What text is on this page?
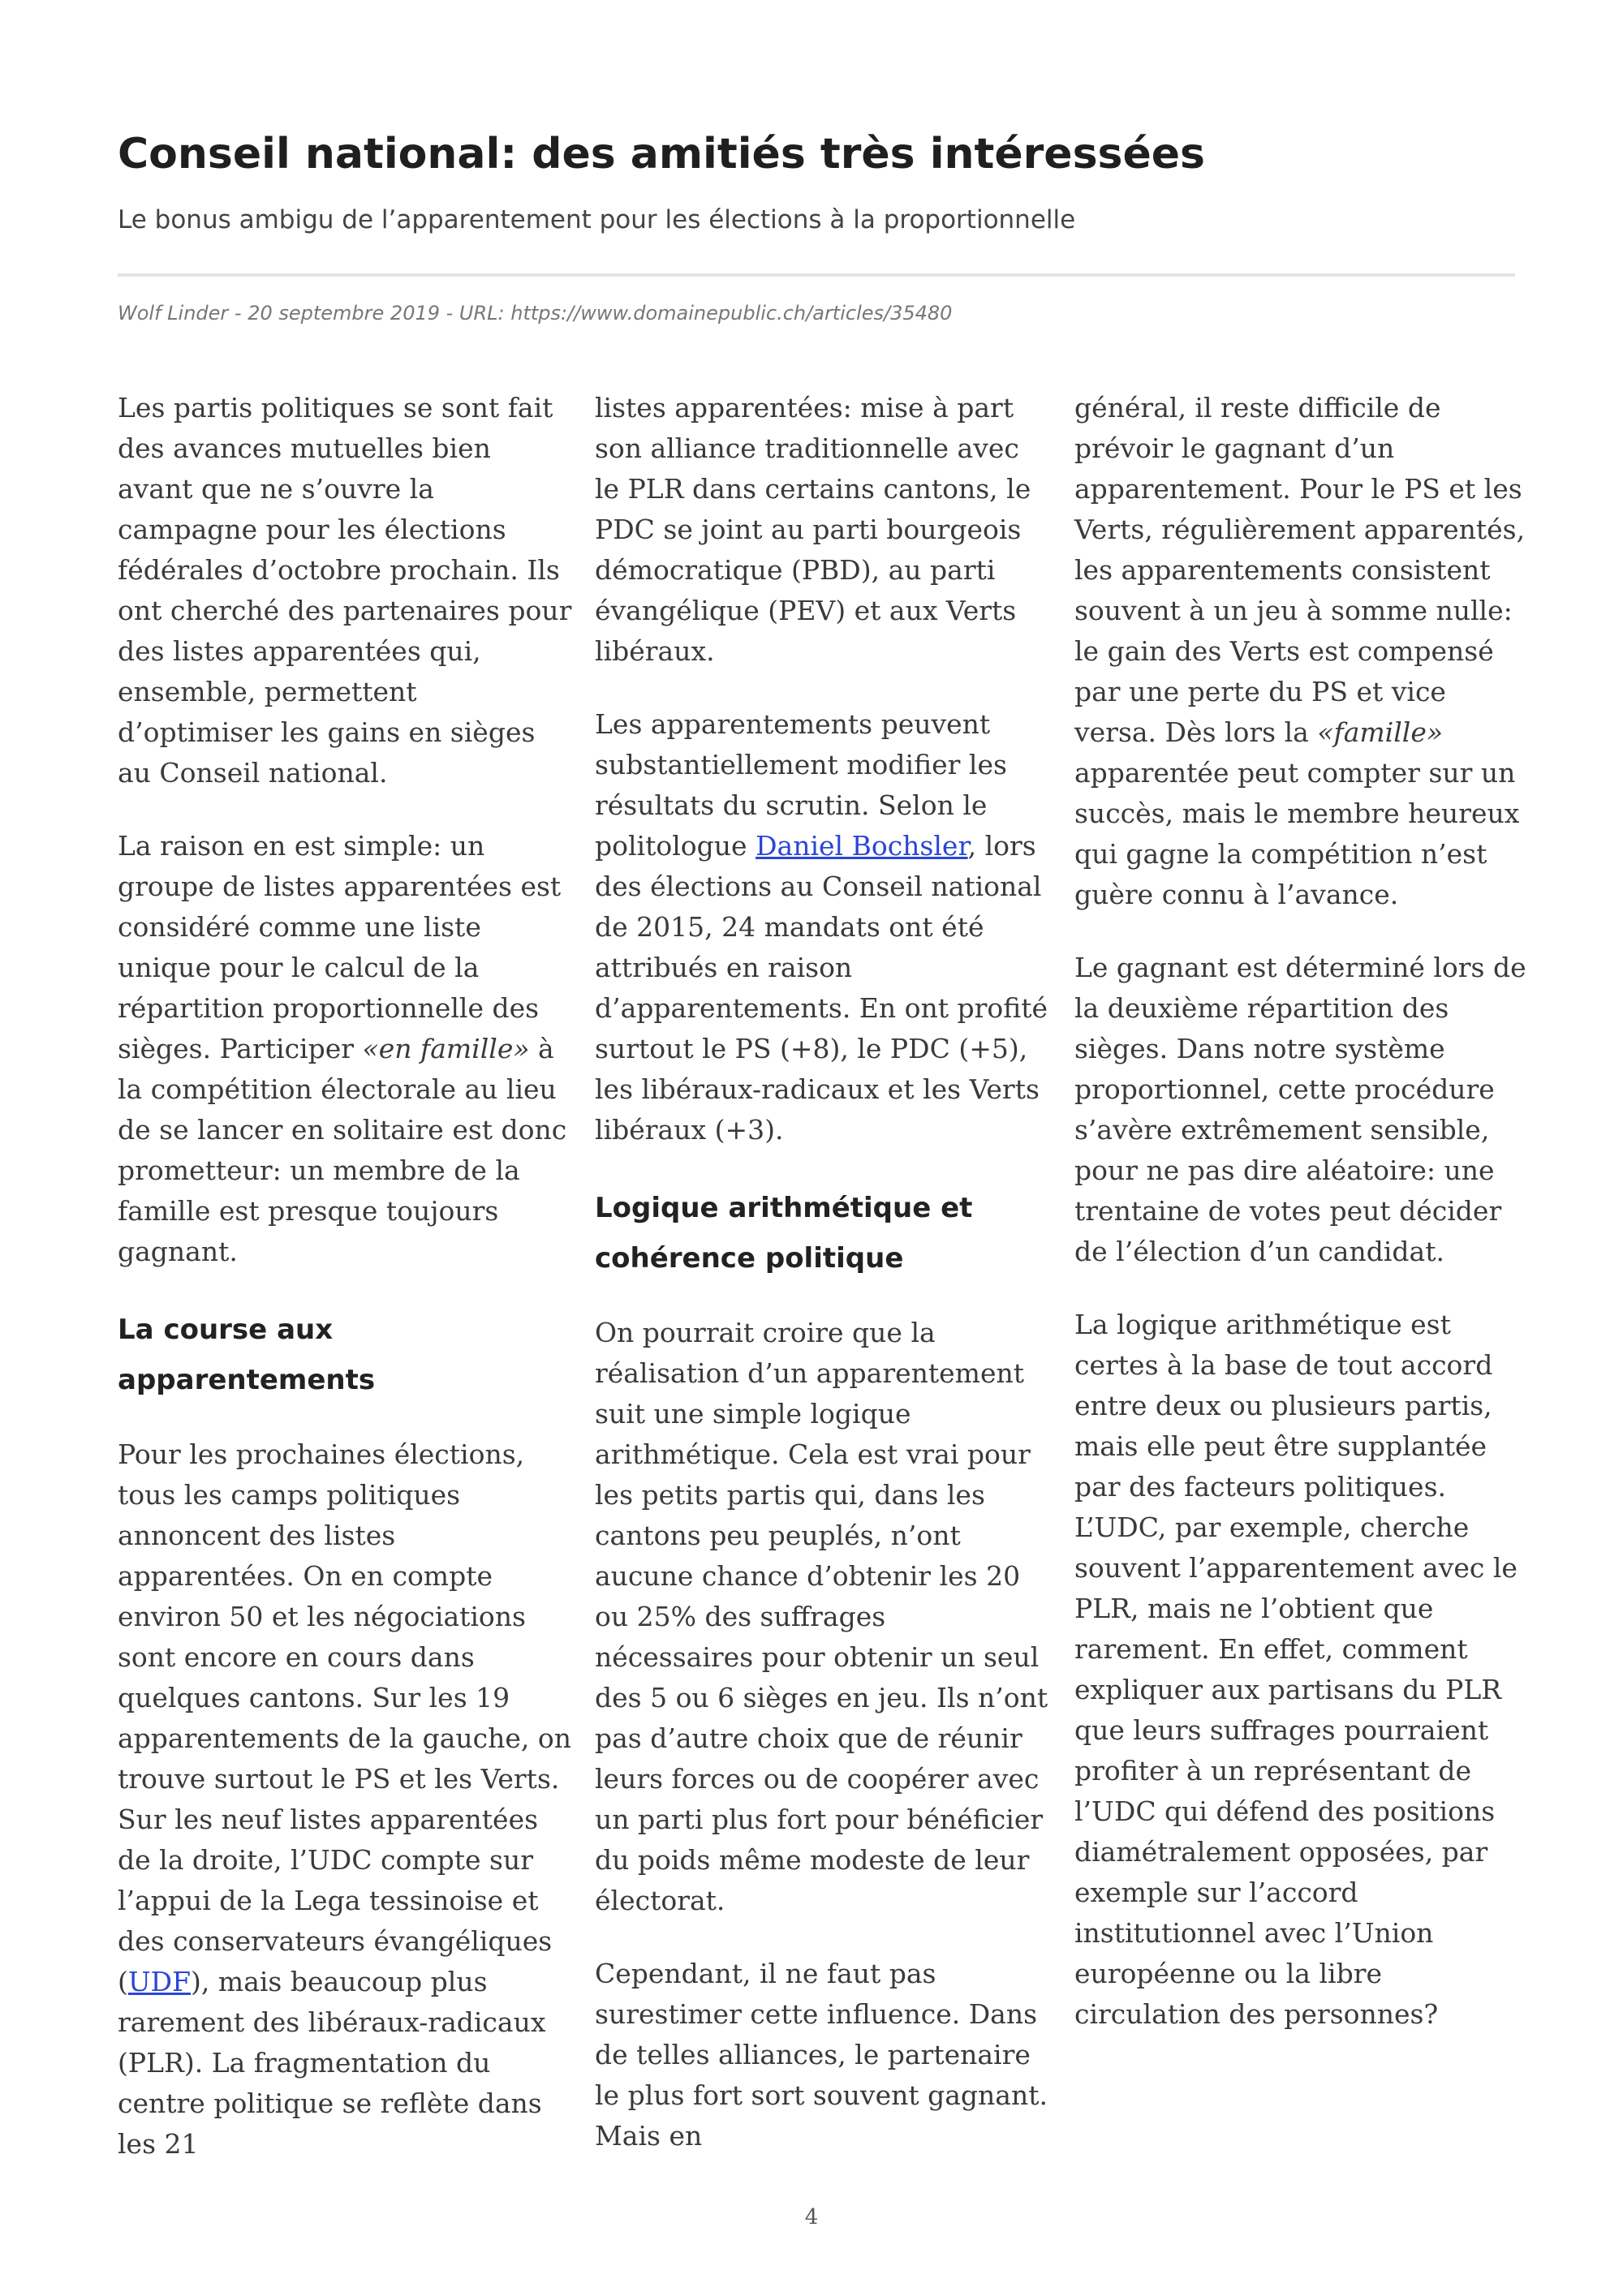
Conseil national: des amitiés très intéressées

Le bonus ambigu de l’apparentement pour les élections à la proportionnelle

Wolf Linder - 20 septembre 2019 - URL: https://www.domainepublic.ch/articles/35480

Les partis politiques se sont fait des avances mutuelles bien avant que ne s’ouvre la campagne pour les élections fédérales d’octobre prochain. Ils ont cherché des partenaires pour des listes apparentées qui, ensemble, permettent d’optimiser les gains en sièges au Conseil national.

La raison en est simple: un groupe de listes apparentées est considéré comme une liste unique pour le calcul de la répartition proportionnelle des sièges. Participer «en famille» à la compétition électorale au lieu de se lancer en solitaire est donc prometteur: un membre de la famille est presque toujours gagnant.

La course aux apparentements

Pour les prochaines élections, tous les camps politiques annoncent des listes apparentées. On en compte environ 50 et les négociations sont encore en cours dans quelques cantons. Sur les 19 apparentements de la gauche, on trouve surtout le PS et les Verts. Sur les neuf listes apparentées de la droite, l’UDC compte sur l’appui de la Lega tessinoise et des conservateurs évangéliques (UDF), mais beaucoup plus rarement des libéraux-radicaux (PLR). La fragmentation du centre politique se reflète dans les 21

listes apparentées: mise à part son alliance traditionnelle avec le PLR dans certains cantons, le PDC se joint au parti bourgeois démocratique (PBD), au parti évangélique (PEV) et aux Verts libéraux.

Les apparentements peuvent substantiellement modifier les résultats du scrutin. Selon le politologue Daniel Bochsler, lors des élections au Conseil national de 2015, 24 mandats ont été attribués en raison d’apparentements. En ont profité surtout le PS (+8), le PDC (+5), les libéraux-radicaux et les Verts libéraux (+3).

Logique arithmétique et cohérence politique

On pourrait croire que la réalisation d’un apparentement suit une simple logique arithmétique. Cela est vrai pour les petits partis qui, dans les cantons peu peuplés, n’ont aucune chance d’obtenir les 20 ou 25% des suffrages nécessaires pour obtenir un seul des 5 ou 6 sièges en jeu. Ils n’ont pas d’autre choix que de réunir leurs forces ou de coopérer avec un parti plus fort pour bénéficier du poids même modeste de leur électorat.

Cependant, il ne faut pas surestimer cette influence. Dans de telles alliances, le partenaire le plus fort sort souvent gagnant. Mais en

général, il reste difficile de prévoir le gagnant d’un apparentement. Pour le PS et les Verts, régulièrement apparentés, les apparentements consistent souvent à un jeu à somme nulle: le gain des Verts est compensé par une perte du PS et vice versa. Dès lors la «famille» apparentée peut compter sur un succès, mais le membre heureux qui gagne la compétition n’est guère connu à l’avance.

Le gagnant est déterminé lors de la deuxième répartition des sièges. Dans notre système proportionnel, cette procédure s’avère extrêmement sensible, pour ne pas dire aléatoire: une trentaine de votes peut décider de l’élection d’un candidat.

La logique arithmétique est certes à la base de tout accord entre deux ou plusieurs partis, mais elle peut être supplantée par des facteurs politiques. L’UDC, par exemple, cherche souvent l’apparentement avec le PLR, mais ne l’obtient que rarement. En effet, comment expliquer aux partisans du PLR que leurs suffrages pourraient profiter à un représentant de l’UDC qui défend des positions diamétralement opposées, par exemple sur l’accord institutionnel avec l’Union européenne ou la libre circulation des personnes?

4
